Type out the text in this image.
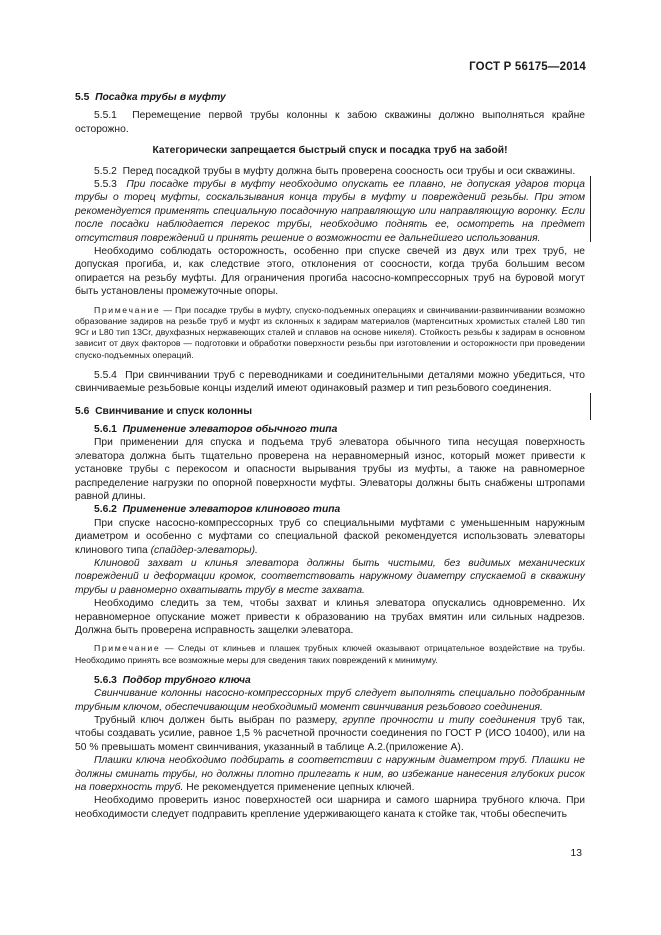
ГОСТ Р 56175—2014

5.5 Посадка трубы в муфту

5.5.1 Перемещение первой трубы колонны к забою скважины должно выполняться крайне осторожно.

Категорически запрещается быстрый спуск и посадка труб на забой!

5.5.2 Перед посадкой трубы в муфту должна быть проверена соосность оси трубы и оси скважины.

5.5.3 При посадке трубы в муфту необходимо опускать ее плавно, не допуская ударов торца трубы о торец муфты, соскальзывания конца трубы в муфту и повреждений резьбы. При этом рекомендуется применять специальную посадочную направляющую или направляющую воронку. Если после посадки наблюдается перекос трубы, необходимо поднять ее, осмотреть на предмет отсутствия повреждений и принять решение о возможности ее дальнейшего использования.

Необходимо соблюдать осторожность, особенно при спуске свечей из двух или трех труб, не допуская прогиба, и, как следствие этого, отклонения от соосности, когда труба большим весом опирается на резьбу муфты. Для ограничения прогиба насосно-компрессорных труб на буровой могут быть установлены промежуточные опоры.

Примечание — При посадке трубы в муфту, спуско-подъемных операциях и свинчивании-развинчивании возможно образование задиров на резьбе труб и муфт из склонных к задирам материалов (мартенситных хромистых сталей L80 тип 9Cr и L80 тип 13Cr, двухфазных нержавеющих сталей и сплавов на основе никеля). Стойкость резьбы к задирам в основном зависит от двух факторов — подготовки и обработки поверхности резьбы при изготовлении и осторожности при проведении спуско-подъемных операций.

5.5.4 При свинчивании труб с переводниками и соединительными деталями можно убедиться, что свинчиваемые резьбовые концы изделий имеют одинаковый размер и тип резьбового соединения.

5.6 Свинчивание и спуск колонны

5.6.1 Применение элеваторов обычного типа

При применении для спуска и подъема труб элеватора обычного типа несущая поверхность элеватора должна быть тщательно проверена на неравномерный износ, который может привести к установке трубы с перекосом и опасности вырывания трубы из муфты, а также на равномерное распределение нагрузки по опорной поверхности муфты. Элеваторы должны быть снабжены штропами равной длины.

5.6.2 Применение элеваторов клинового типа

При спуске насосно-компрессорных труб со специальными муфтами с уменьшенным наружным диаметром и особенно с муфтами со специальной фаской рекомендуется использовать элеваторы клинового типа (спайдер-элеваторы).

Клиновой захват и клинья элеватора должны быть чистыми, без видимых механических повреждений и деформации кромок, соответствовать наружному диаметру спускаемой в скважину трубы и равномерно охватывать трубу в месте захвата.

Необходимо следить за тем, чтобы захват и клинья элеватора опускались одновременно. Их неравномерное опускание может привести к образованию на трубах вмятин или сильных надрезов. Должна быть проверена исправность защелки элеватора.

Примечание — Следы от клиньев и плашек трубных ключей оказывают отрицательное воздействие на трубы. Необходимо принять все возможные меры для сведения таких повреждений к минимуму.

5.6.3 Подбор трубного ключа

Свинчивание колонны насосно-компрессорных труб следует выполнять специально подобранным трубным ключом, обеспечивающим необходимый момент свинчивания резьбового соединения.

Трубный ключ должен быть выбран по размеру, группе прочности и типу соединения труб так, чтобы создавать усилие, равное 1,5 % расчетной прочности соединения по ГОСТ Р (ИСО 10400), или на 50 % превышать момент свинчивания, указанный в таблице А.2.(приложение А).

Плашки ключа необходимо подбирать в соответствии с наружным диаметром труб. Плашки не должны сминать трубы, но должны плотно прилегать к ним, во избежание нанесения глубоких рисок на поверхность труб. Не рекомендуется применение цепных ключей.

Необходимо проверить износ поверхностей оси шарнира и самого шарнира трубного ключа. При необходимости следует подправить крепление удерживающего каната к стойке так, чтобы обеспечить

13
